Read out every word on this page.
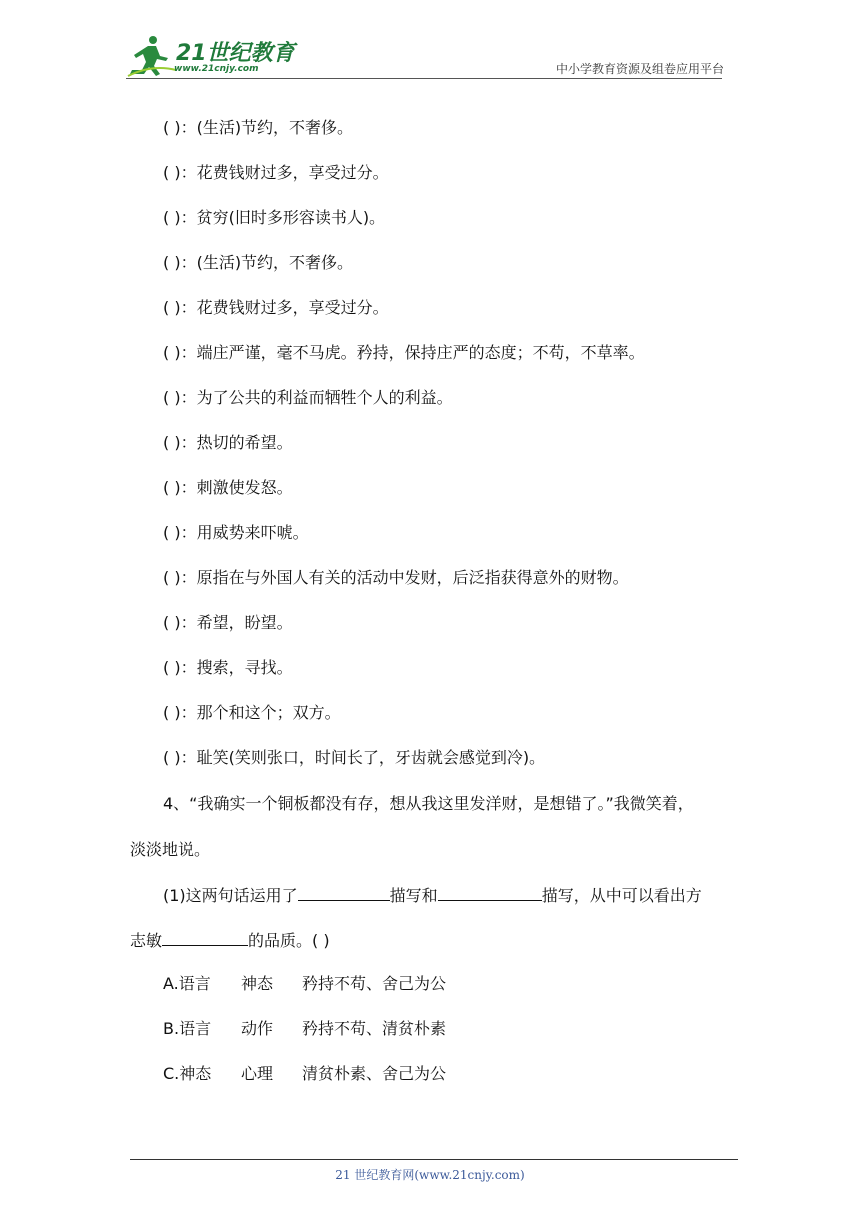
21世纪教育
www.21cnjy.com	中小学教育资源及组卷应用平台
( )：(生活)节约，不奢侈。
( )：花费钱财过多，享受过分。
( )：贫穷(旧时多形容读书人)。
( )：(生活)节约，不奢侈。
( )：花费钱财过多，享受过分。
( )：端庄严谨，毫不马虎。矜持，保持庄严的态度；不苟，不草率。
( )：为了公共的利益而牺牲个人的利益。
( )：热切的希望。
( )：刺激使发怒。
( )：用威势来吓唬。
( )：原指在与外国人有关的活动中发财，后泛指获得意外的财物。
( )：希望，盼望。
( )：搜索，寻找。
( )：那个和这个；双方。
( )：耻笑(笑则张口，时间长了，牙齿就会感觉到冷)。
4、“我确实一个铜板都没有存，想从我这里发洋财，是想错了。”我微笑着，
淡淡地说。
(1)这两句话运用了	描写和	描写，从中可以看出方
志敏	的品质。( )
A.语言 神态 矜持不苟、舍己为公
B.语言 动作 矜持不苟、清贫朴素
C.神态 心理 清贫朴素、舍己为公
21 世纪教育网(www.21cnjy.com)
